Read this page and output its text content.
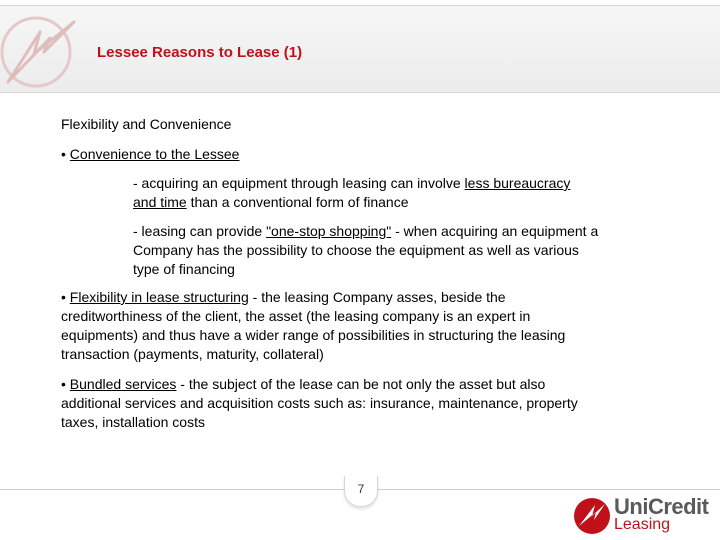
Lessee Reasons to Lease (1)
Flexibility and Convenience
• Convenience to the Lessee
- acquiring an equipment through leasing can involve less bureaucracy
and time than a conventional form of finance
- leasing can provide "one-stop shopping" - when acquiring an equipment a
Company has the possibility to choose the equipment as well as various
type of financing
• Flexibility in lease structuring - the leasing Company asses, beside the
creditworthiness of the client, the asset (the leasing company is an expert in
equipments) and thus have a wider range of possibilities in structuring the leasing
transaction (payments, maturity, collateral)
• Bundled services - the subject of the lease can be not only the asset but also
additional services and acquisition costs such as: insurance, maintenance, property
taxes, installation costs
7
UniCredit
Leasing
